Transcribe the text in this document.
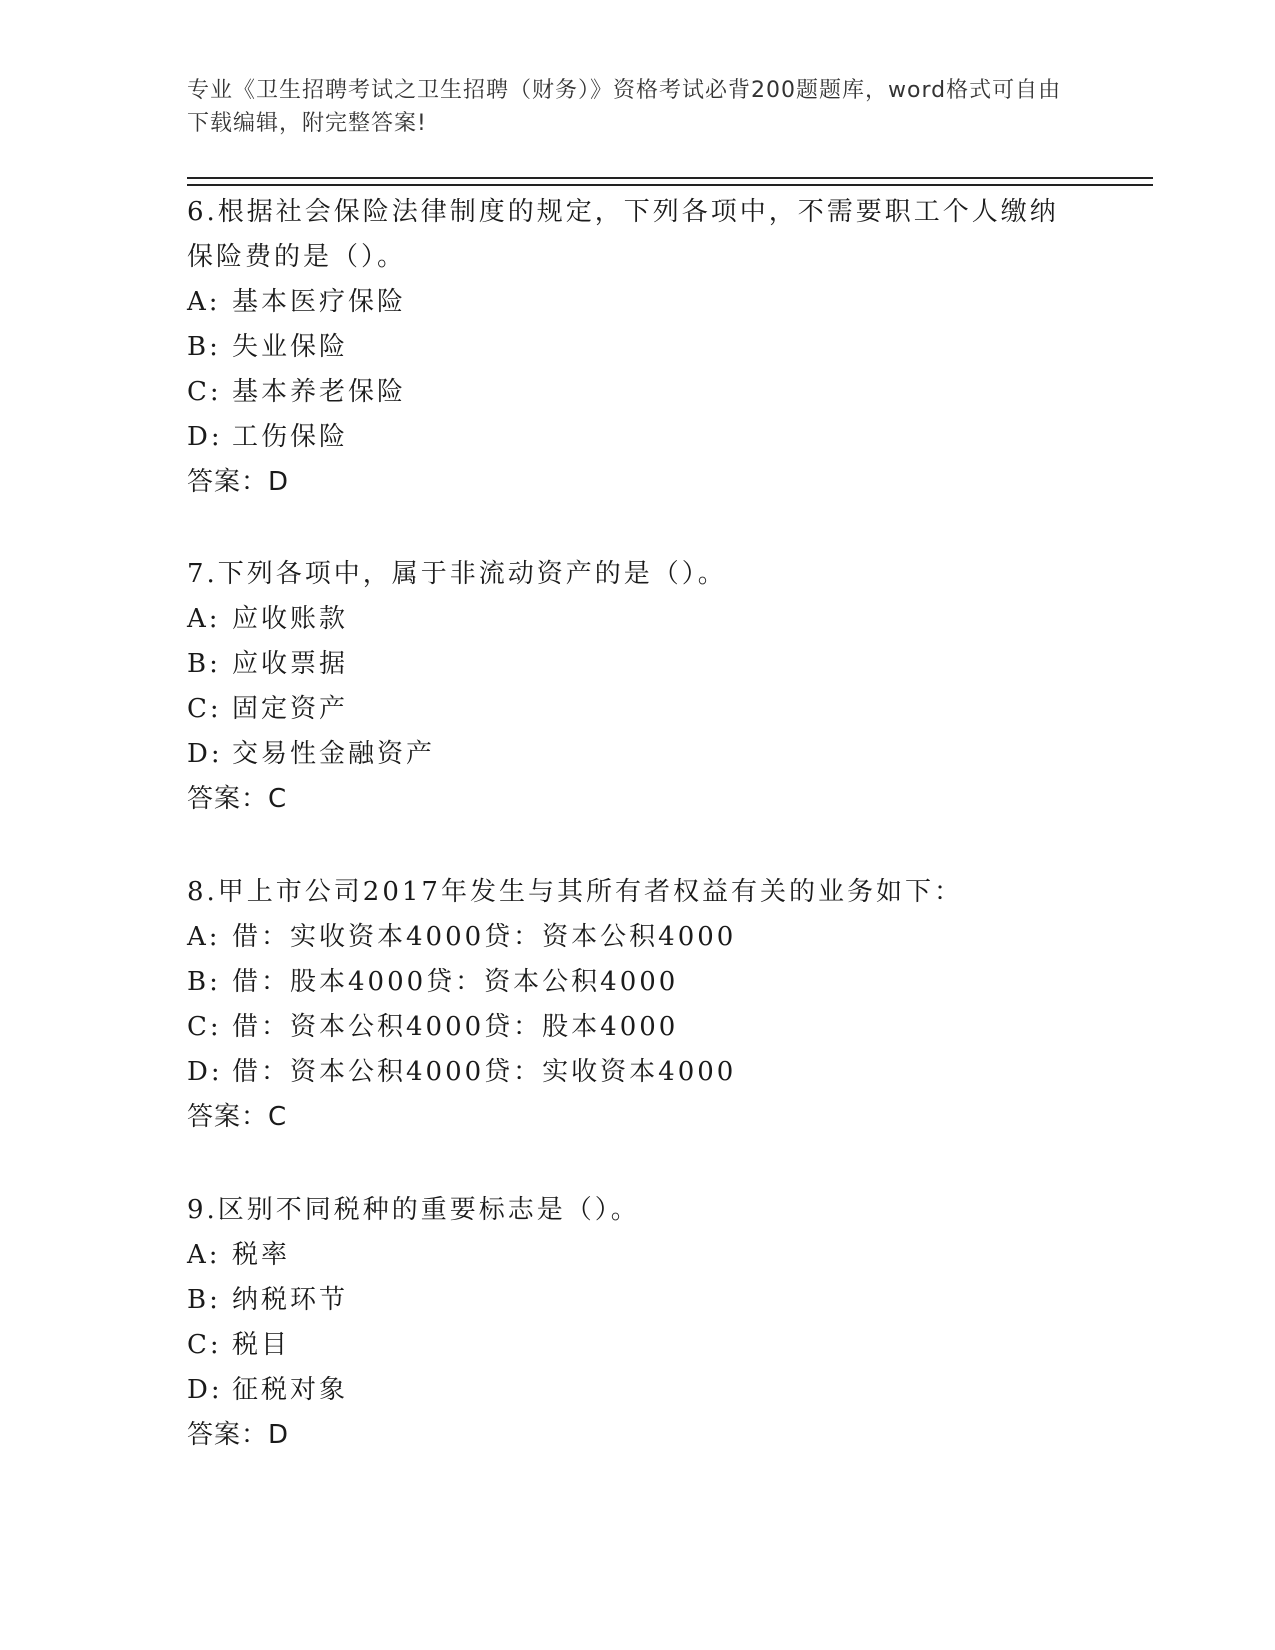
专业《卫生招聘考试之卫生招聘（财务）》资格考试必背200题题库，word格式可自由下载编辑，附完整答案!

6.根据社会保险法律制度的规定，下列各项中，不需要职工个人缴纳保险费的是（）。

A: 基本医疗保险
B: 失业保险
C: 基本养老保险
D: 工伤保险
答案：D

7.下列各项中，属于非流动资产的是（）。

A: 应收账款
B: 应收票据
C: 固定资产
D: 交易性金融资产
答案：C

8.甲上市公司2017年发生与其所有者权益有关的业务如下：

A: 借：实收资本4000贷：资本公积4000
B: 借：股本4000贷：资本公积4000
C: 借：资本公积4000贷：股本4000
D: 借：资本公积4000贷：实收资本4000
答案：C

9.区别不同税种的重要标志是（）。

A: 税率
B: 纳税环节
C: 税目
D: 征税对象
答案：D
